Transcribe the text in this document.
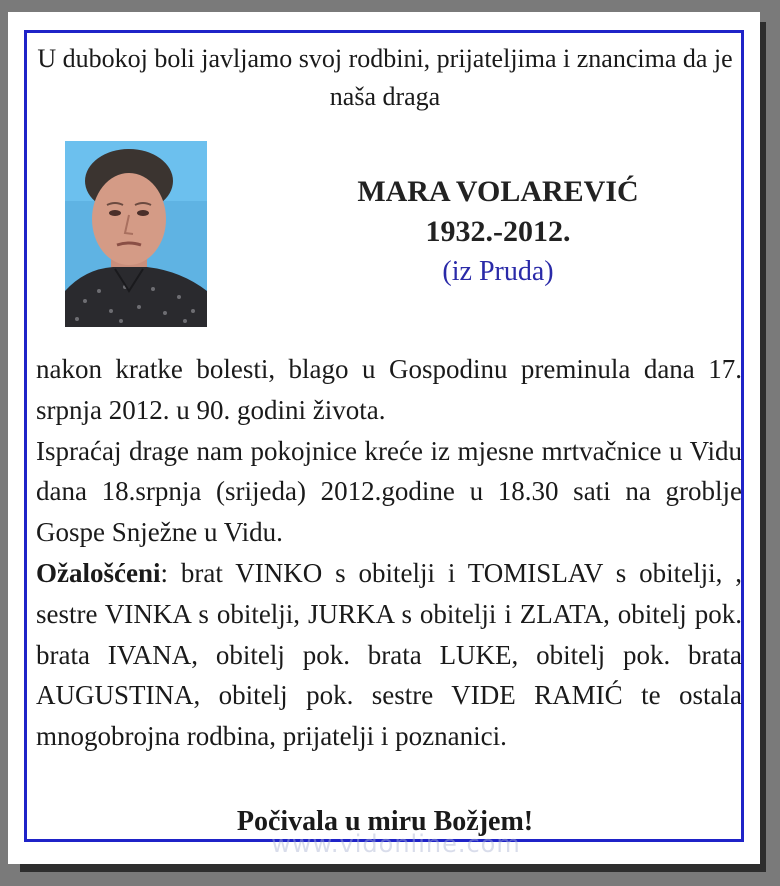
U dubokoj boli javljamo svoj rodbini, prijateljima i znancima da je naša draga
MARA VOLAREVIĆ
1932.-2012.
(iz Pruda)

nakon kratke bolesti, blago u Gospodinu preminula dana 17. srpnja 2012. u 90. godini života.

Ispraćaj drage nam pokojnice kreće iz mjesne mrtvačnice u Vidu dana 18.srpnja (srijeda) 2012.godine u 18.30 sati na groblje Gospe Snježne u Vidu.

Ožalošćeni: brat VINKO s obitelji i TOMISLAV s obitelji, , sestre VINKA s obitelji, JURKA s obitelji i ZLATA, obitelj pok. brata IVANA, obitelj pok. brata LUKE, obitelj pok. brata AUGUSTINA, obitelj pok. sestre VIDE RAMIĆ te ostala mnogobrojna rodbina, prijatelji i poznanici.

Počivala u miru Božjem!
www.vidonline.com
